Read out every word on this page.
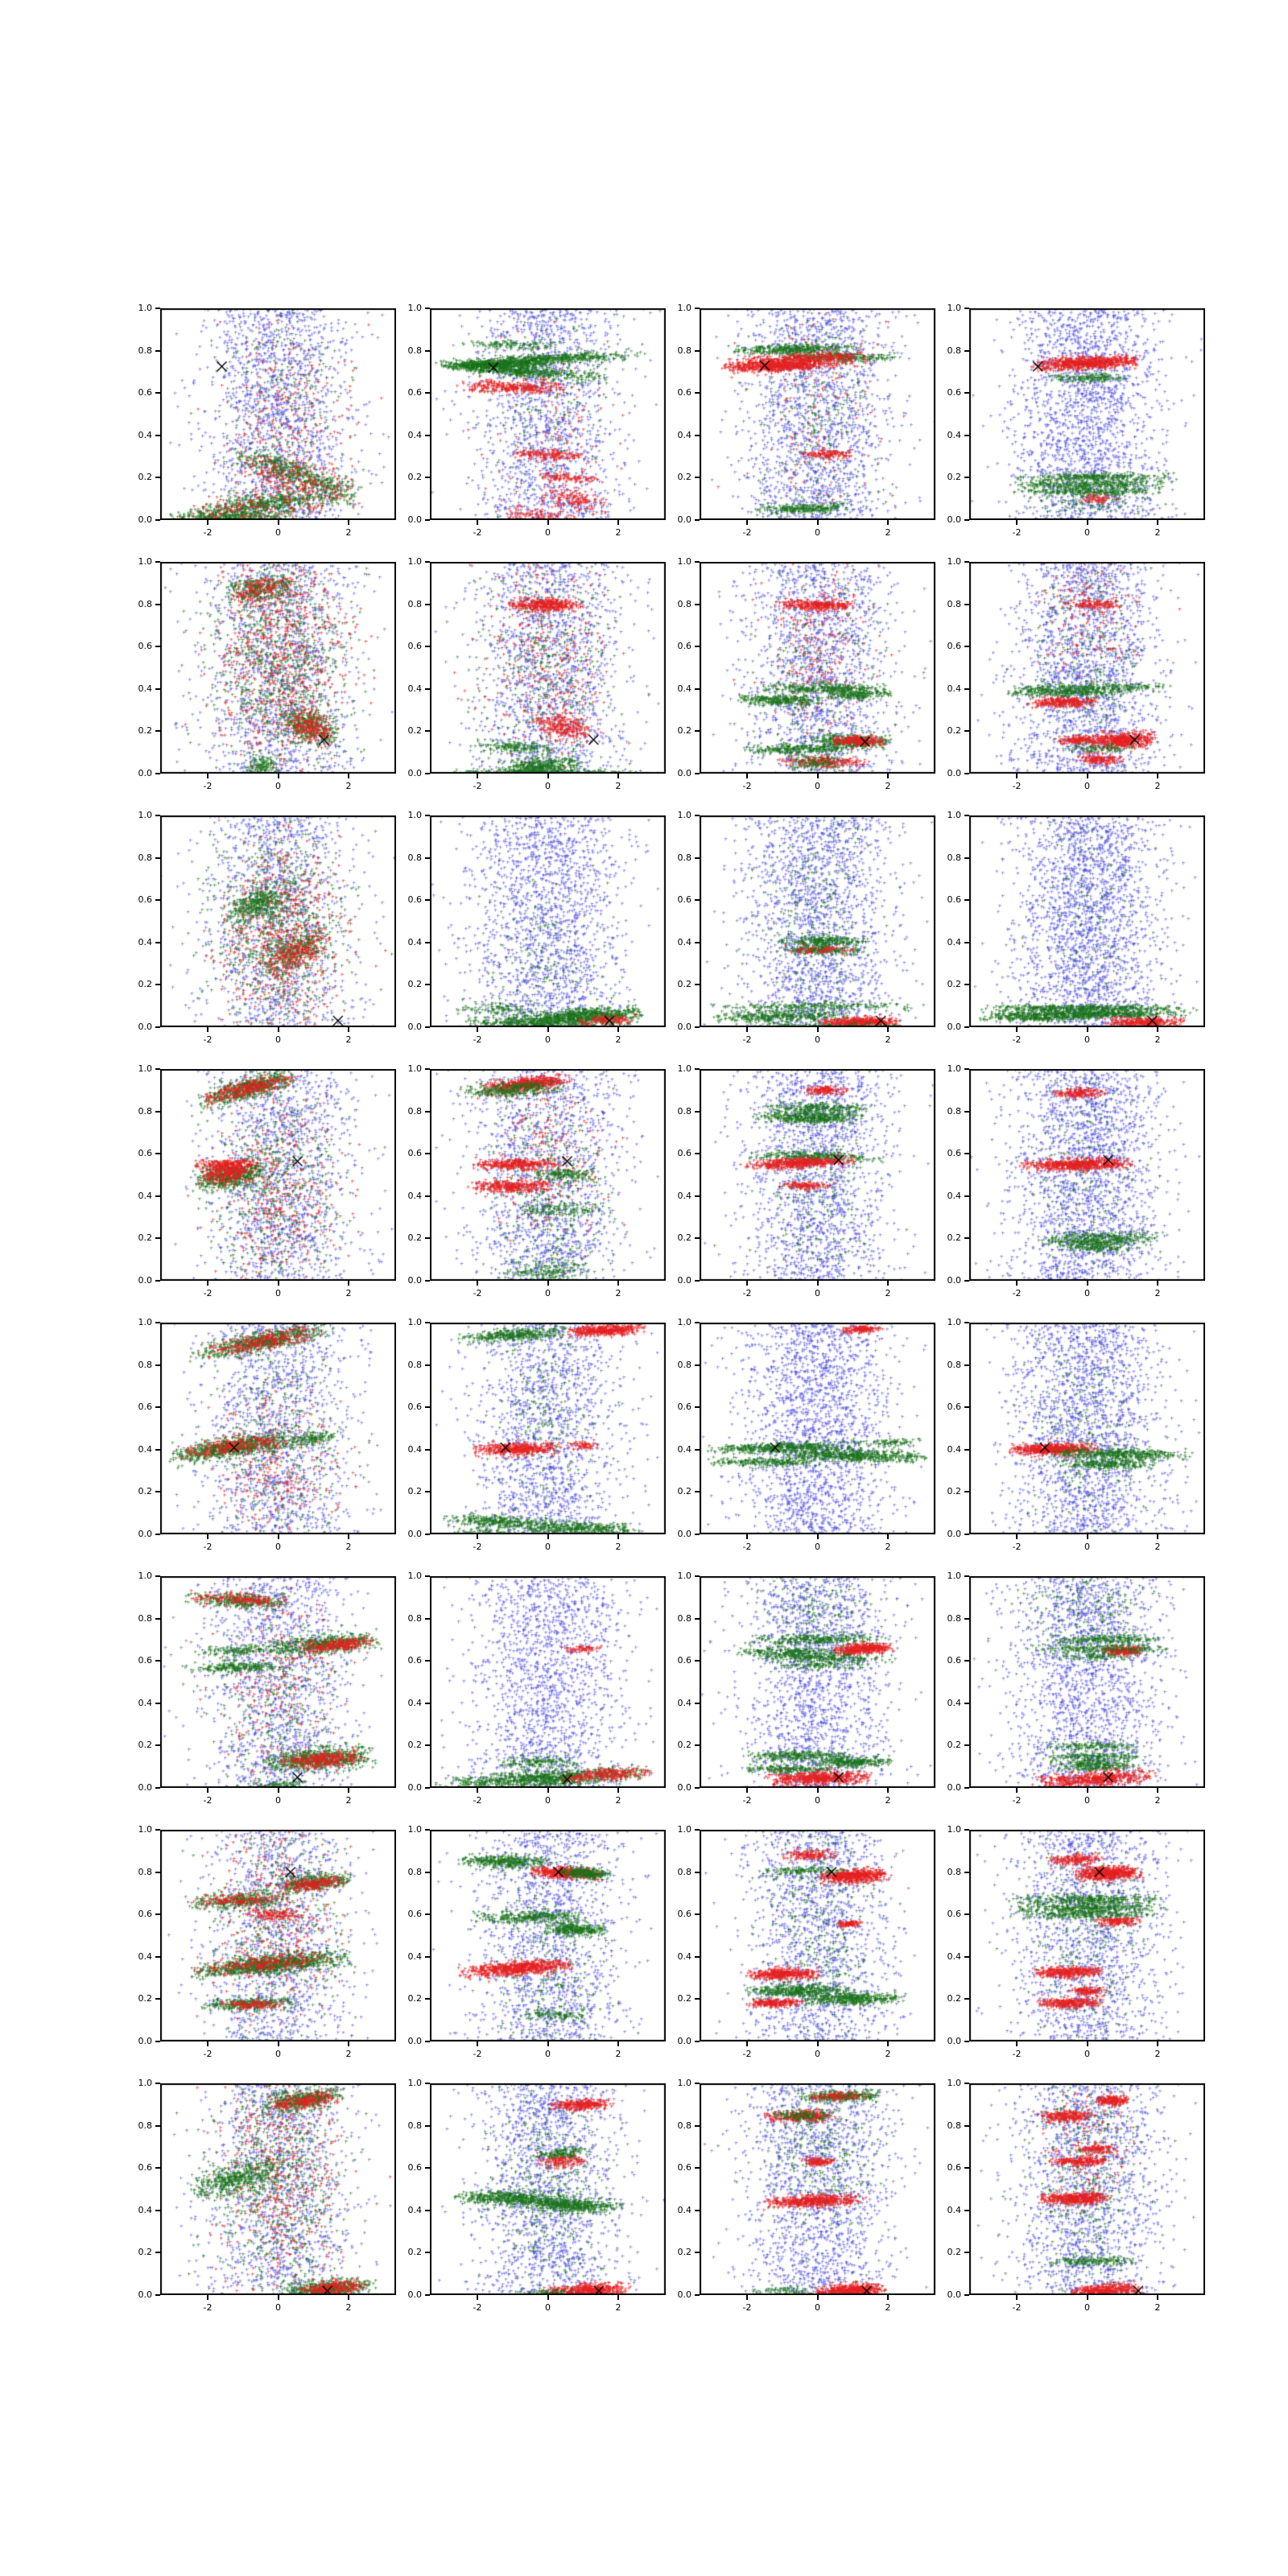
0.0
0.2
0.4
0.6
0.8
1.0
-2	0	2
0.0
0.2
0.4
0.6
0.8
1.0
-2	0	2
0.0
0.2
0.4
0.6
0.8
1.0
-2	0	2
0.0
0.2
0.4
0.6
0.8
1.0
-2	0	2
0.0
0.2
0.4
0.6
0.8
1.0
-2	0	2
0.0
0.2
0.4
0.6
0.8
1.0
-2	0	2
0.0
0.2
0.4
0.6
0.8
1.0
-2	0	2
0.0
0.2
0.4
0.6
0.8
1.0
-2	0	2
0.0
0.2
0.4
0.6
0.8
1.0
-2	0	2
0.0
0.2
0.4
0.6
0.8
1.0
-2	0	2
0.0
0.2
0.4
0.6
0.8
1.0
-2	0	2
0.0
0.2
0.4
0.6
0.8
1.0
-2	0	2
0.0
0.2
0.4
0.6
0.8
1.0
-2	0	2
0.0
0.2
0.4
0.6
0.8
1.0
-2	0	2
0.0
0.2
0.4
0.6
0.8
1.0
-2	0	2
0.0
0.2
0.4
0.6
0.8
1.0
-2	0	2
0.0
0.2
0.4
0.6
0.8
1.0
-2	0	2
0.0
0.2
0.4
0.6
0.8
1.0
-2	0	2
0.0
0.2
0.4
0.6
0.8
1.0
-2	0	2
0.0
0.2
0.4
0.6
0.8
1.0
-2	0	2
0.0
0.2
0.4
0.6
0.8
1.0
-2	0	2
0.0
0.2
0.4
0.6
0.8
1.0
-2	0	2
0.0
0.2
0.4
0.6
0.8
1.0
-2	0	2
0.0
0.2
0.4
0.6
0.8
1.0
-2	0	2
0.0
0.2
0.4
0.6
0.8
1.0
-2	0	2
0.0
0.2
0.4
0.6
0.8
1.0
-2	0	2
0.0
0.2
0.4
0.6
0.8
1.0
-2	0	2
0.0
0.2
0.4
0.6
0.8
1.0
-2	0	2
0.0
0.2
0.4
0.6
0.8
1.0
-2	0	2
0.0
0.2
0.4
0.6
0.8
1.0
-2	0	2
0.0
0.2
0.4
0.6
0.8
1.0
-2	0	2
0.0
0.2
0.4
0.6
0.8
1.0
-2	0	2
